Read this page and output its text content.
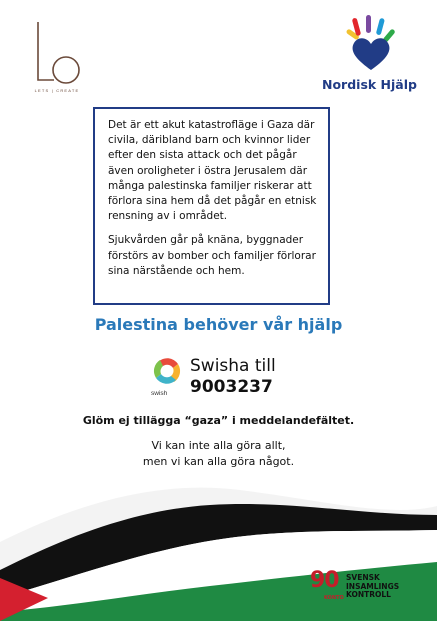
LETS | CREATE	Nordisk Hjälp

Det är ett akut katastrofläge i Gaza där civila, däribland barn och kvinnor lider efter den sista attack och det pågår även oroligheter i östra Jerusalem där många palestinska familjer riskerar att förlora sina hem då det pågår en etnisk rensning av i området.

Sjukvården går på knäna, byggnader förstörs av bomber och familjer förlorar sina närstående och hem.

Palestina behöver vår hjälp
swish
Swisha till
9003237
Glöm ej tillägga “gaza” i meddelandefältet.
Vi kan inte alla göra allt,
men vi kan alla göra något.
90
KONTO
SVENSK
INSAMLINGS
KONTROLL
